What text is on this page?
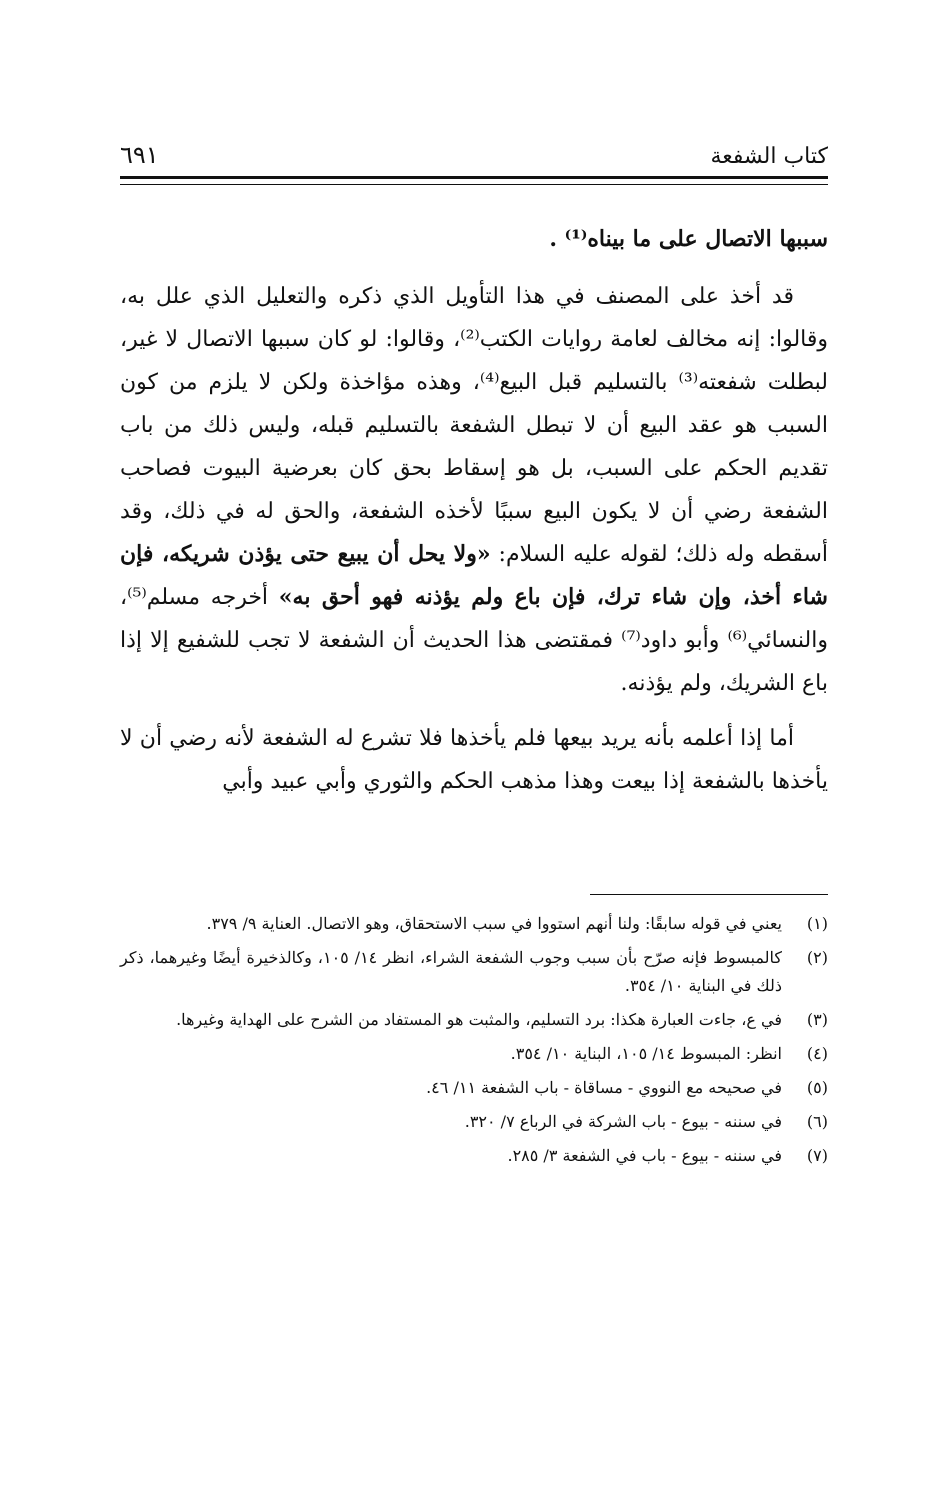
كتاب الشفعة
٦٩١

سببها الاتصال على ما بيناه⁽¹⁾ .

قد أخذ على المصنف في هذا التأويل الذي ذكره والتعليل الذي علل به، وقالوا: إنه مخالف لعامة روايات الكتب⁽²⁾، وقالوا: لو كان سببها الاتصال لا غير، لبطلت شفعته⁽³⁾ بالتسليم قبل البيع⁽⁴⁾، وهذه مؤاخذة ولكن لا يلزم من كون السبب هو عقد البيع أن لا تبطل الشفعة بالتسليم قبله، وليس ذلك من باب تقديم الحكم على السبب، بل هو إسقاط بحق كان بعرضية البيوت فصاحب الشفعة رضي أن لا يكون البيع سببًا لأخذه الشفعة، والحق له في ذلك، وقد أسقطه وله ذلك؛ لقوله عليه السلام: «ولا يحل أن يبيع حتى يؤذن شريكه، فإن شاء أخذ، وإن شاء ترك، فإن باع ولم يؤذنه فهو أحق به» أخرجه مسلم⁽⁵⁾، والنسائي⁽⁶⁾ وأبو داود⁽⁷⁾ فمقتضى هذا الحديث أن الشفعة لا تجب للشفيع إلا إذا باع الشريك، ولم يؤذنه.

أما إذا أعلمه بأنه يريد بيعها فلم يأخذها فلا تشرع له الشفعة لأنه رضي أن لا يأخذها بالشفعة إذا بيعت وهذا مذهب الحكم والثوري وأبي عبيد وأبي

(١)
يعني في قوله سابقًا: ولنا أنهم استووا في سبب الاستحقاق، وهو الاتصال. العناية ٩/ ٣٧٩.
(٢)
كالمبسوط فإنه صرّح بأن سبب وجوب الشفعة الشراء، انظر ١٤/ ١٠٥، وكالذخيرة أيضًا وغيرهما، ذكر ذلك في البناية ١٠/ ٣٥٤.
(٣)
في ع، جاءت العبارة هكذا: برد التسليم، والمثبت هو المستفاد من الشرح على الهداية وغيرها.
(٤)
انظر: المبسوط ١٤/ ١٠٥، البناية ١٠/ ٣٥٤.
(٥)
في صحيحه مع النووي - مساقاة - باب الشفعة ١١/ ٤٦.
(٦)
في سننه - بيوع - باب الشركة في الرباع ٧/ ٣٢٠.
(٧)
في سننه - بيوع - باب في الشفعة ٣/ ٢٨٥.
